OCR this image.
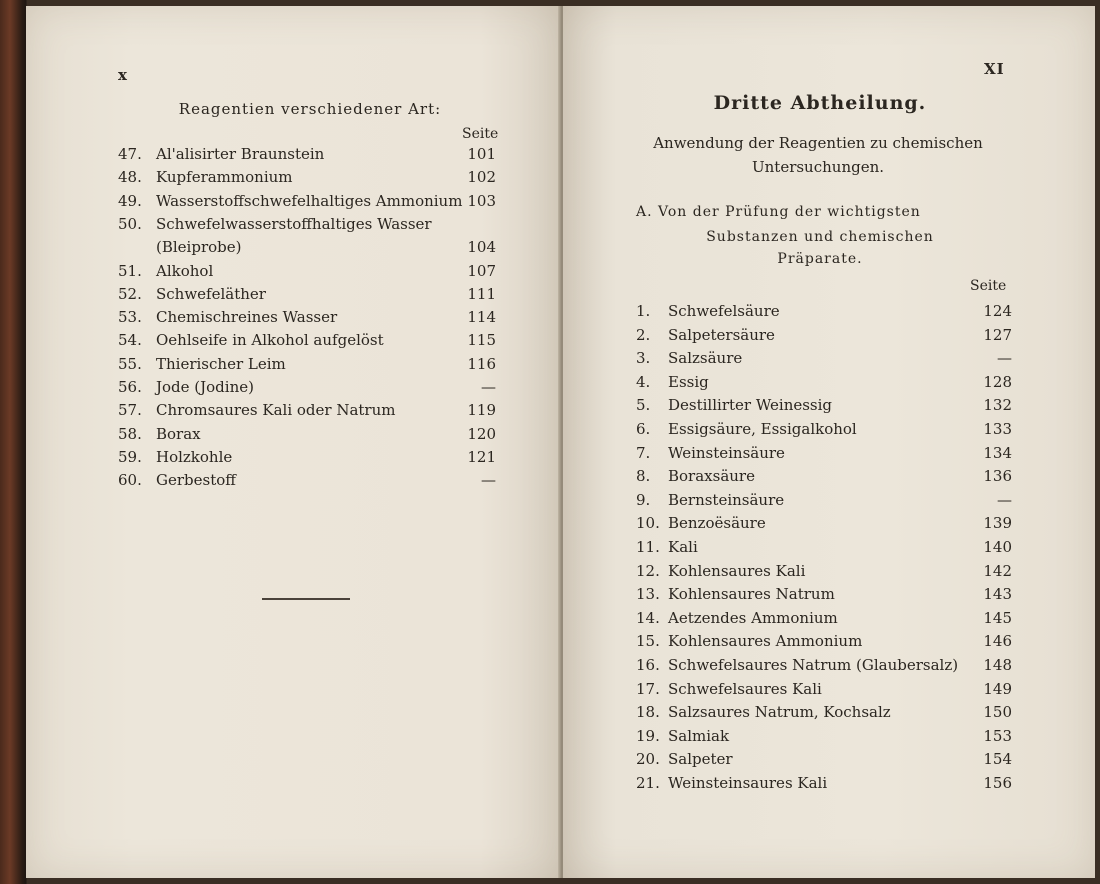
x
Reagentien verschiedener Art:
Seite
47. Al'alisirter Braunstein	101
48. Kupferammonium	102
49. Wasserstoffschwefelhaltiges Ammonium 103
50. Schwefelwasserstoffhaltiges Wasser
(Bleiprobe)	104
51. Alkohol	107
52. Schwefeläther	111
53. Chemischreines Wasser	114
54. Oehlseife in Alkohol aufgelöst	115
55. Thierischer Leim	116
56. Jode (Jodine)	—
57. Chromsaures Kali oder Natrum	119
58. Borax	120
59. Holzkohle	121
60. Gerbestoff	—
XI
Dritte Abtheilung.
Anwendung der Reagentien zu chemischen
Untersuchungen.
A. Von der Prüfung der wichtigsten
Substanzen und chemischen
Präparate.
Seite
1. Schwefelsäure	124
2. Salpetersäure	127
3. Salzsäure	—
4. Essig	128
5. Destillirter Weinessig	132
6. Essigsäure, Essigalkohol	133
7. Weinsteinsäure	134
8. Boraxsäure	136
9. Bernsteinsäure	—
10. Benzoësäure	139
11. Kali	140
12. Kohlensaures Kali	142
13. Kohlensaures Natrum	143
14. Aetzendes Ammonium	145
15. Kohlensaures Ammonium	146
16. Schwefelsaures Natrum (Glaubersalz)	148
17. Schwefelsaures Kali	149
18. Salzsaures Natrum, Kochsalz	150
19. Salmiak	153
20. Salpeter	154
21. Weinsteinsaures Kali	156
